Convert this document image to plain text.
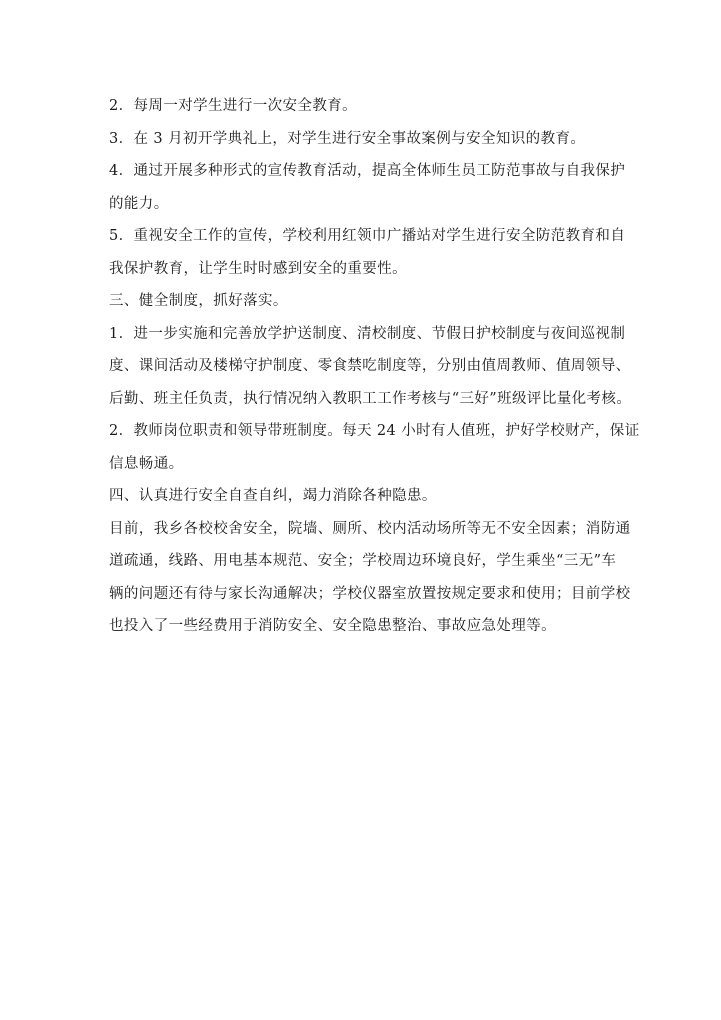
2．每周一对学生进行一次安全教育。

3．在 3 月初开学典礼上，对学生进行安全事故案例与安全知识的教育。

4．通过开展多种形式的宣传教育活动，提高全体师生员工防范事故与自我保护
的能力。

5．重视安全工作的宣传，学校利用红领巾广播站对学生进行安全防范教育和自
我保护教育，让学生时时感到安全的重要性。

三、健全制度，抓好落实。

1．进一步实施和完善放学护送制度、清校制度、节假日护校制度与夜间巡视制
度、课间活动及楼梯守护制度、零食禁吃制度等，分别由值周教师、值周领导、
后勤、班主任负责，执行情况纳入教职工工作考核与“三好”班级评比量化考核。

2．教师岗位职责和领导带班制度。每天 24 小时有人值班，护好学校财产，保证
信息畅通。

四、认真进行安全自查自纠，竭力消除各种隐患。

目前，我乡各校校舍安全，院墙、厕所、校内活动场所等无不安全因素；消防通
道疏通，线路、用电基本规范、安全；学校周边环境良好，学生乘坐“三无”车
辆的问题还有待与家长沟通解决；学校仪器室放置按规定要求和使用；目前学校
也投入了一些经费用于消防安全、安全隐患整治、事故应急处理等。
